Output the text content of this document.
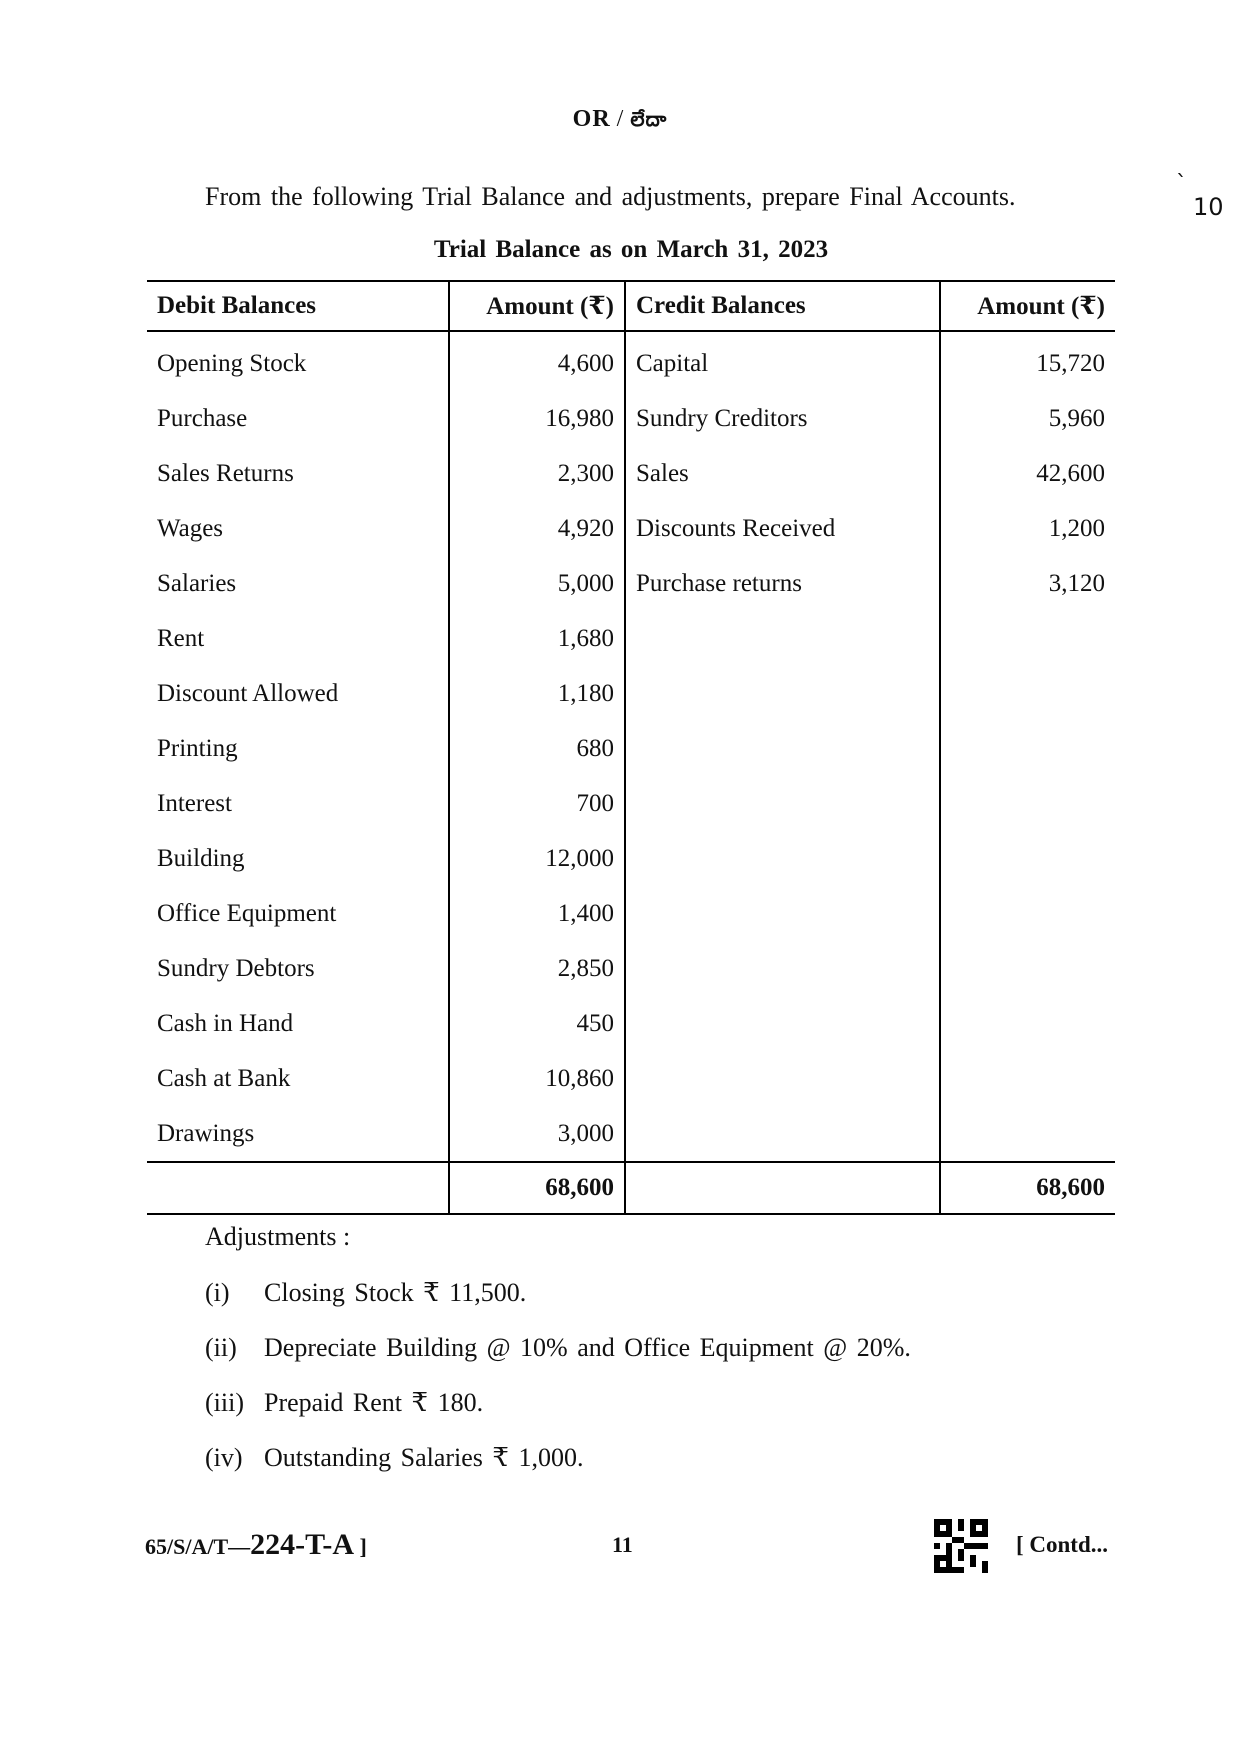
OR / లేదా
From the following Trial Balance and adjustments, prepare Final Accounts.	`
10
Trial Balance as on March 31, 2023
Debit Balances	Amount (₹)	Credit Balances	Amount (₹)
Opening Stock	4,600	Capital	15,720
Purchase	16,980	Sundry Creditors	5,960
Sales Returns	2,300	Sales	42,600
Wages	4,920	Discounts Received	1,200
Salaries	5,000	Purchase returns	3,120
Rent	1,680		
Discount Allowed	1,180		
Printing	680		
Interest	700		
Building	12,000		
Office Equipment	1,400		
Sundry Debtors	2,850		
Cash in Hand	450		
Cash at Bank	10,860		
Drawings	3,000		
	68,600		68,600
Adjustments :
(i) Closing Stock ₹ 11,500.
(ii) Depreciate Building @ 10% and Office Equipment @ 20%.
(iii) Prepaid Rent ₹ 180.
(iv) Outstanding Salaries ₹ 1,000.
65/S/A/T—224-T-A ]	11	[ Contd...
